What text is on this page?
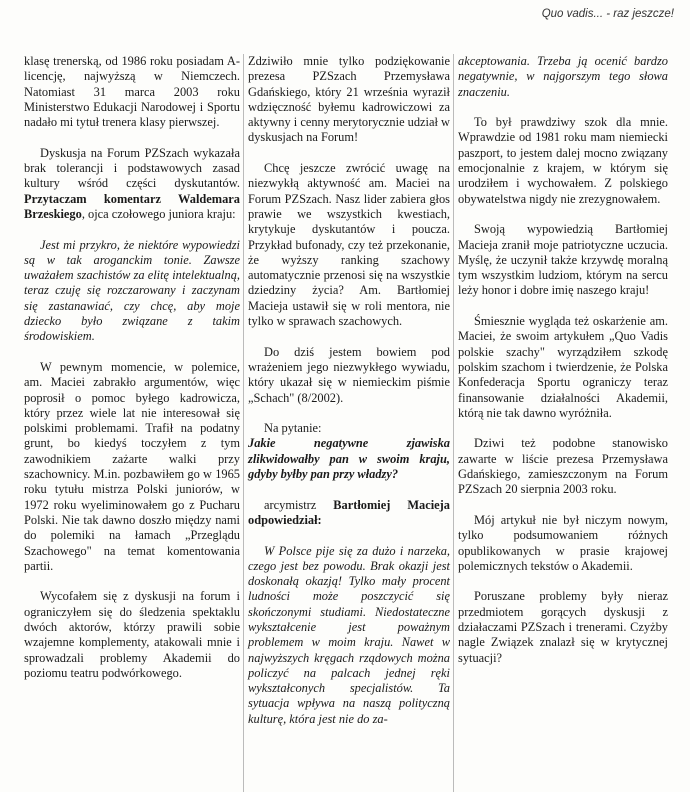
Quo vadis... - raz jeszcze!

klasę trenerską, od 1986 roku posiadam A-licencję, najwyższą w Niemczech. Natomiast 31 marca 2003 roku Ministerstwo Edukacji Narodowej i Sportu nadało mi tytuł trenera klasy pierwszej.

Dyskusja na Forum PZSzach wykazała brak tolerancji i podstawowych zasad kultury wśród części dyskutantów. Przytaczam komentarz Waldemara Brzeskiego, ojca czołowego juniora kraju:

Jest mi przykro, że niektóre wypowiedzi są w tak aroganckim tonie. Zawsze uważałem szachistów za elitę intelektualną, teraz czuję się rozczarowany i zaczynam się zastanawiać, czy chcę, aby moje dziecko było związane z takim środowiskiem.

W pewnym momencie, w polemice, am. Maciei zabrakło argumentów, więc poprosił o pomoc byłego kadrowicza, który przez wiele lat nie interesował się polskimi problemami. Trafił na podatny grunt, bo kiedyś toczyłem z tym zawodnikiem zażarte walki przy szachownicy. M.in. pozbawiłem go w 1965 roku tytułu mistrza Polski juniorów, w 1972 roku wyeliminowałem go z Pucharu Polski. Nie tak dawno doszło między nami do polemiki na łamach „Przeglądu Szachowego" na temat komentowania partii.

Wycofałem się z dyskusji na forum i ograniczyłem się do śledzenia spektaklu dwóch aktorów, którzy prawili sobie wzajemne komplementy, atakowali mnie i sprowadzali problemy Akademii do poziomu teatru podwórkowego.

Zdziwiło mnie tylko podziękowanie prezesa PZSzach Przemysława Gdańskiego, który 21 września wyraził wdzięczność byłemu kadrowiczowi za aktywny i cenny merytorycznie udział w dyskusjach na Forum!

Chcę jeszcze zwrócić uwagę na niezwykłą aktywność am. Maciei na Forum PZSzach. Nasz lider zabiera głos prawie we wszystkich kwestiach, krytykuje dyskutantów i poucza. Przykład bufonady, czy też przekonanie, że wyższy ranking szachowy automatycznie przenosi się na wszystkie dziedziny życia? Am. Bartłomiej Macieja ustawił się w roli mentora, nie tylko w sprawach szachowych.

Do dziś jestem bowiem pod wrażeniem jego niezwykłego wywiadu, który ukazał się w niemieckim piśmie „Schach" (8/2002).

Na pytanie:
Jakie negatywne zjawiska zlikwidowałby pan w swoim kraju, gdyby byłby pan przy władzy?

arcymistrz Bartłomiej Macieja odpowiedział:

W Polsce pije się za dużo i narzeka, czego jest bez powodu. Brak okazji jest doskonałą okazją! Tylko mały procent ludności może poszczycić się skończonymi studiami. Niedostateczne wykształcenie jest poważnym problemem w moim kraju. Nawet w najwyższych kręgach rządowych można policzyć na palcach jednej ręki wykształconych specjalistów. Ta sytuacja wpływa na naszą polityczną kulturę, która jest nie do za-

akceptowania. Trzeba ją ocenić bardzo negatywnie, w najgorszym tego słowa znaczeniu.

To był prawdziwy szok dla mnie. Wprawdzie od 1981 roku mam niemiecki paszport, to jestem dalej mocno związany emocjonalnie z krajem, w którym się urodziłem i wychowałem. Z polskiego obywatelstwa nigdy nie zrezygnowałem.

Swoją wypowiedzią Bartłomiej Macieja zranił moje patriotyczne uczucia. Myślę, że uczynił także krzywdę moralną tym wszystkim ludziom, którym na sercu leży honor i dobre imię naszego kraju!

Śmiesznie wygląda też oskarżenie am. Maciei, że swoim artykułem „Quo Vadis polskie szachy" wyrządziłem szkodę polskim szachom i twierdzenie, że Polska Konfederacja Sportu ograniczy teraz finansowanie działalności Akademii, którą nie tak dawno wyróżniła.

Dziwi też podobne stanowisko zawarte w liście prezesa Przemysława Gdańskiego, zamieszczonym na Forum PZSzach 20 sierpnia 2003 roku.

Mój artykuł nie był niczym nowym, tylko podsumowaniem różnych opublikowanych w prasie krajowej polemicznych tekstów o Akademii.

Poruszane problemy były nieraz przedmiotem gorących dyskusji z działaczami PZSzach i trenerami. Czyżby nagle Związek znalazł się w krytycznej sytuacji?
